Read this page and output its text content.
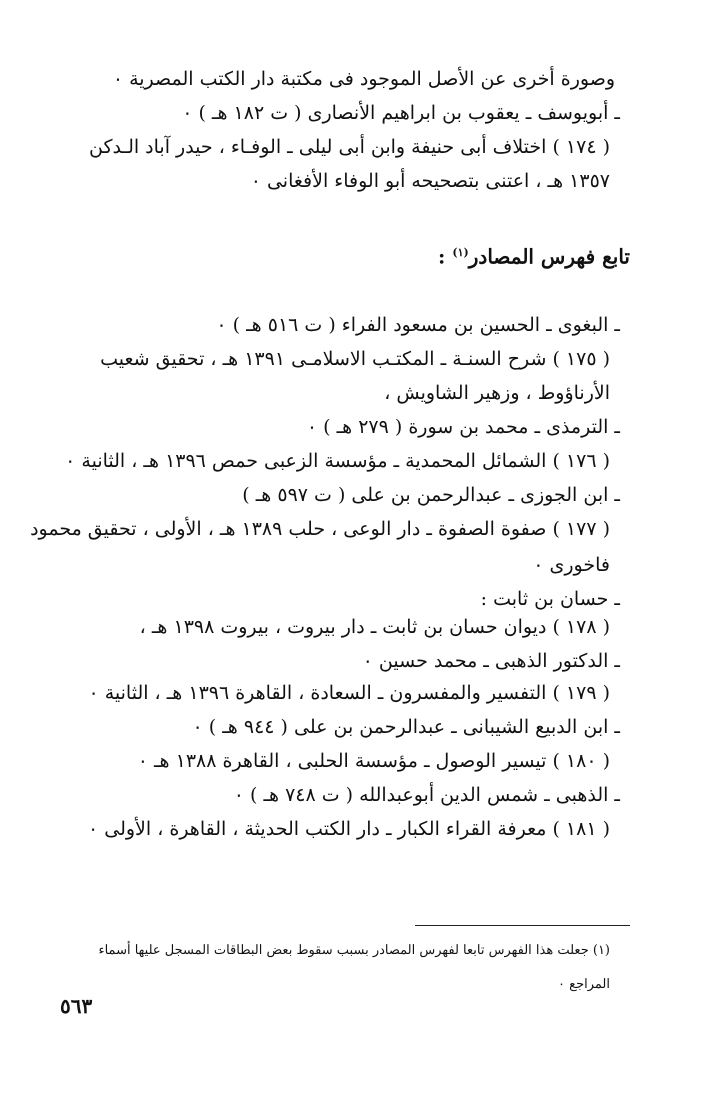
وصورة أخرى عن الأصل الموجود فى مكتبة دار الكتب المصرية ٠
ـ أبويوسف ـ يعقوب بن ابراهيم الأنصارى ( ت ١٨٢ هـ ) ٠
( ١٧٤ ) اختلاف أبى حنيفة وابن أبى ليلى ـ الوفـاء ، حيدر آباد الـدكن
١٣٥٧ هـ ، اعتنى بتصحيحه أبو الوفاء الأفغانى ٠
تابع فهرس المصادر$^{(١)}$ :
ـ البغوى ـ الحسين بن مسعود الفراء ( ت ٥١٦ هـ ) ٠
( ١٧٥ ) شرح السنـة ـ المكتـب الاسلامـى ١٣٩١ هـ ، تحقيق شعيب
الأرناؤوط ، وزهير الشاويش ،
ـ الترمذى ـ محمد بن سورة ( ٢٧٩ هـ ) ٠
( ١٧٦ ) الشمائل المحمدية ـ مؤسسة الزعبى حمص ١٣٩٦ هـ ، الثانية ٠
ـ ابن الجوزى ـ عبدالرحمن بن على ( ت ٥٩٧ هـ )
( ١٧٧ ) صفوة الصفوة ـ دار الوعى ، حلب ١٣٨٩ هـ ، الأولى ، تحقيق محمود
فاخورى ٠
ـ حسان بن ثابت :
( ١٧٨ ) ديوان حسان بن ثابت ـ دار بيروت ، بيروت ١٣٩٨ هـ ،
ـ الدكتور الذهبى ـ محمد حسين ٠
( ١٧٩ ) التفسير والمفسرون ـ السعادة ، القاهرة ١٣٩٦ هـ ، الثانية ٠
ـ ابن الدبيع الشيبانى ـ عبدالرحمن بن على ( ٩٤٤ هـ ) ٠
( ١٨٠ ) تيسير الوصول ـ مؤسسة الحلبى ، القاهرة ١٣٨٨ هـ ٠
ـ الذهبى ـ شمس الدين أبوعبدالله ( ت ٧٤٨ هـ ) ٠
( ١٨١ ) معرفة القراء الكبار ـ دار الكتب الحديثة ، القاهرة ، الأولى ٠
(١) جعلت هذا الفهرس تابعا لفهرس المصادر بسبب سقوط بعض البطاقات المسجل عليها أسماء
المراجع ٠
٥٦٣
